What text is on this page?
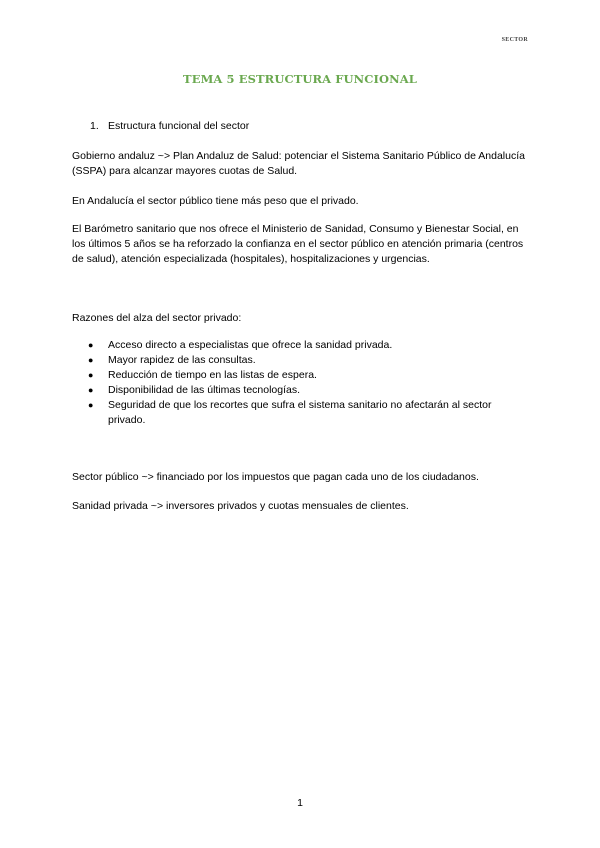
SECTOR
TEMA 5 ESTRUCTURA FUNCIONAL
1. Estructura funcional del sector

Gobierno andaluz ~> Plan Andaluz de Salud: potenciar el Sistema Sanitario Público de Andalucía (SSPA) para alcanzar mayores cuotas de Salud.

En Andalucía el sector público tiene más peso que el privado.

El Barómetro sanitario que nos ofrece el Ministerio de Sanidad, Consumo y Bienestar Social, en los últimos 5 años se ha reforzado la confianza en el sector público en atención primaria (centros de salud), atención especializada (hospitales), hospitalizaciones y urgencias.

Razones del alza del sector privado:

● Acceso directo a especialistas que ofrece la sanidad privada.
● Mayor rapidez de las consultas.
● Reducción de tiempo en las listas de espera.
● Disponibilidad de las últimas tecnologías.
● Seguridad de que los recortes que sufra el sistema sanitario no afectarán al sector privado.

Sector público ~> financiado por los impuestos que pagan cada uno de los ciudadanos.

Sanidad privada ~> inversores privados y cuotas mensuales de clientes.

1
